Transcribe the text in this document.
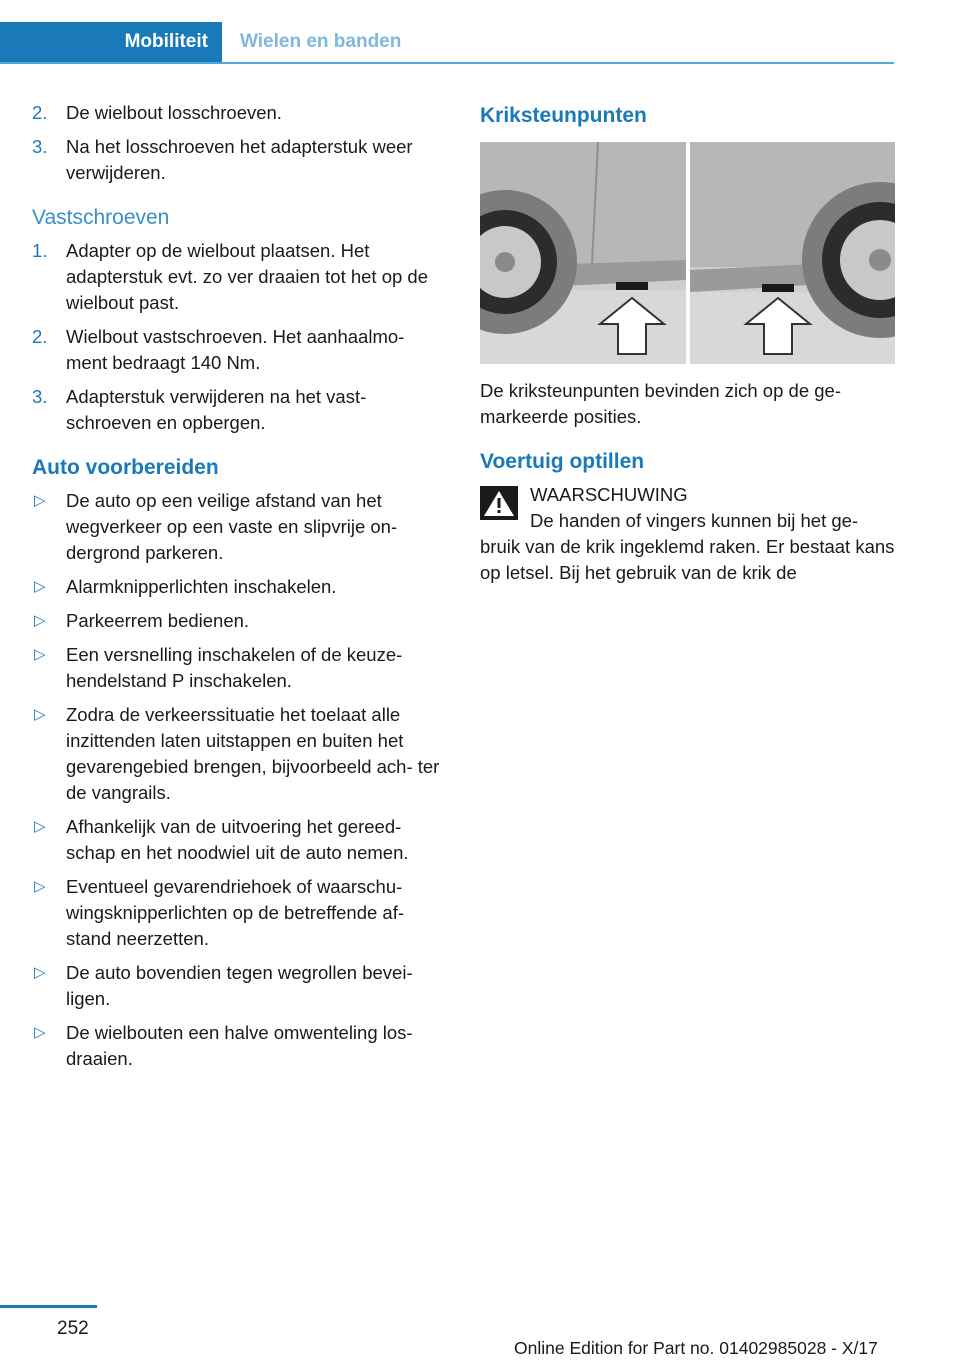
Mobiliteit	Wielen en banden
2. De wielbout losschroeven.
3. Na het losschroeven het adapterstuk weer verwijderen.
Vastschroeven
1. Adapter op de wielbout plaatsen. Het adapterstuk evt. zo ver draaien tot het op de wielbout past.
2. Wielbout vastschroeven. Het aanhaalmo‐ ment bedraagt 140 Nm.
3. Adapterstuk verwijderen na het vast‐ schroeven en opbergen.
Auto voorbereiden
▷ De auto op een veilige afstand van het wegverkeer op een vaste en slipvrije on‐ dergrond parkeren.
▷ Alarmknipperlichten inschakelen.
▷ Parkeerrem bedienen.
▷ Een versnelling inschakelen of de keuze‐ hendelstand P inschakelen.
▷ Zodra de verkeerssituatie het toelaat alle inzittenden laten uitstappen en buiten het gevarengebied brengen, bijvoorbeeld ach‐ ter de vangrails.
▷ Afhankelijk van de uitvoering het gereed‐ schap en het noodwiel uit de auto nemen.
▷ Eventueel gevarendriehoek of waarschu‐ wingsknipperlichten op de betreffende af‐ stand neerzetten.
▷ De auto bovendien tegen wegrollen bevei‐ ligen.
▷ De wielbouten een halve omwenteling los‐ draaien.
Kriksteunpunten
De kriksteunpunten bevinden zich op de ge‐ markeerde posities.
Voertuig optillen
WAARSCHUWING
De handen of vingers kunnen bij het ge‐ bruik van de krik ingeklemd raken. Er bestaat kans op letsel. Bij het gebruik van de krik de
252
Online Edition for Part no. 01402985028 - X/17
